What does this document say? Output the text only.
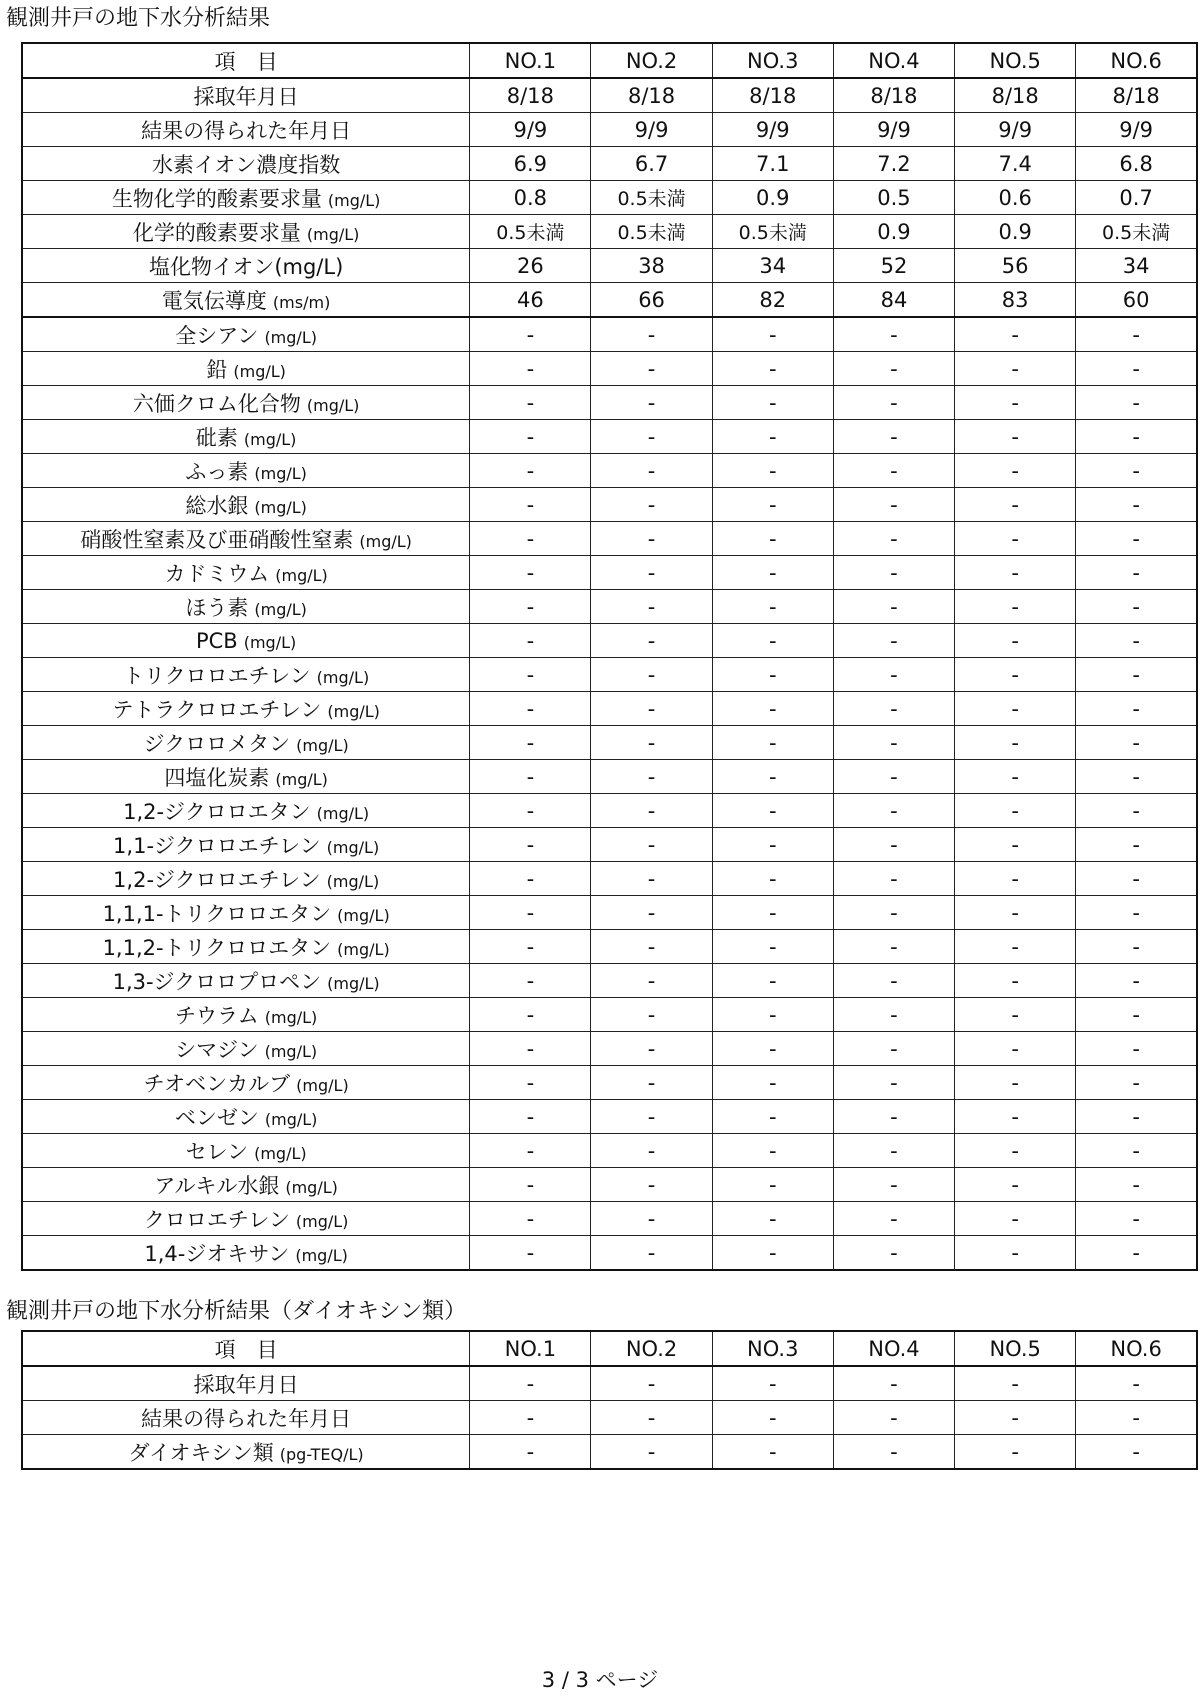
観測井戸の地下水分析結果
項　目	NO.1	NO.2	NO.3	NO.4	NO.5	NO.6
採取年月日	8/18	8/18	8/18	8/18	8/18	8/18
結果の得られた年月日	9/9	9/9	9/9	9/9	9/9	9/9
水素イオン濃度指数	6.9	6.7	7.1	7.2	7.4	6.8
生物化学的酸素要求量 (mg/L)	0.8	0.5未満	0.9	0.5	0.6	0.7
化学的酸素要求量 (mg/L)	0.5未満	0.5未満	0.5未満	0.9	0.9	0.5未満
塩化物イオン(mg/L)	26	38	34	52	56	34
電気伝導度 (ms/m)	46	66	82	84	83	60
全シアン (mg/L)	-	-	-	-	-	-
鉛 (mg/L)	-	-	-	-	-	-
六価クロム化合物 (mg/L)	-	-	-	-	-	-
砒素 (mg/L)	-	-	-	-	-	-
ふっ素 (mg/L)	-	-	-	-	-	-
総水銀 (mg/L)	-	-	-	-	-	-
硝酸性窒素及び亜硝酸性窒素 (mg/L)	-	-	-	-	-	-
カドミウム (mg/L)	-	-	-	-	-	-
ほう素 (mg/L)	-	-	-	-	-	-
PCB (mg/L)	-	-	-	-	-	-
トリクロロエチレン (mg/L)	-	-	-	-	-	-
テトラクロロエチレン (mg/L)	-	-	-	-	-	-
ジクロロメタン (mg/L)	-	-	-	-	-	-
四塩化炭素 (mg/L)	-	-	-	-	-	-
1,2-ジクロロエタン (mg/L)	-	-	-	-	-	-
1,1-ジクロロエチレン (mg/L)	-	-	-	-	-	-
1,2-ジクロロエチレン (mg/L)	-	-	-	-	-	-
1,1,1-トリクロロエタン (mg/L)	-	-	-	-	-	-
1,1,2-トリクロロエタン (mg/L)	-	-	-	-	-	-
1,3-ジクロロプロペン (mg/L)	-	-	-	-	-	-
チウラム (mg/L)	-	-	-	-	-	-
シマジン (mg/L)	-	-	-	-	-	-
チオベンカルブ (mg/L)	-	-	-	-	-	-
ベンゼン (mg/L)	-	-	-	-	-	-
セレン (mg/L)	-	-	-	-	-	-
アルキル水銀 (mg/L)	-	-	-	-	-	-
クロロエチレン (mg/L)	-	-	-	-	-	-
1,4-ジオキサン (mg/L)	-	-	-	-	-	-
観測井戸の地下水分析結果（ダイオキシン類）
項　目	NO.1	NO.2	NO.3	NO.4	NO.5	NO.6
採取年月日	-	-	-	-	-	-
結果の得られた年月日	-	-	-	-	-	-
ダイオキシン類 (pg-TEQ/L)	-	-	-	-	-	-
3 / 3 ページ
